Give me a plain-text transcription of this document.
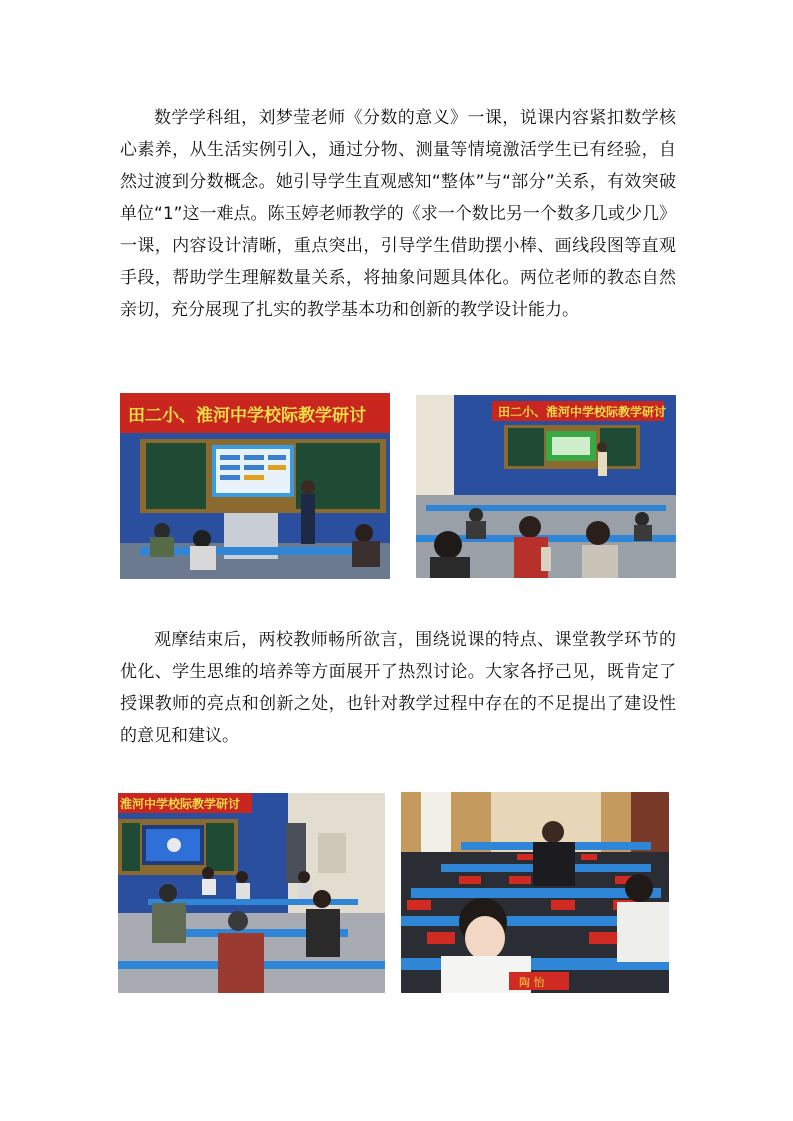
数学学科组，刘梦莹老师《分数的意义》一课，说课内容紧扣数学核心素养，从生活实例引入，通过分物、测量等情境激活学生已有经验，自然过渡到分数概念。她引导学生直观感知“整体”与“部分”关系，有效突破单位“1”这一难点。陈玉婷老师教学的《求一个数比另一个数多几或少几》一课，内容设计清晰，重点突出，引导学生借助摆小棒、画线段图等直观手段，帮助学生理解数量关系，将抽象问题具体化。两位老师的教态自然亲切，充分展现了扎实的教学基本功和创新的教学设计能力。

田二小、淮河中学校际教学研讨	田二小、淮河中学校际教学研讨

观摩结束后，两校教师畅所欲言，围绕说课的特点、课堂教学环节的优化、学生思维的培养等方面展开了热烈讨论。大家各抒己见，既肯定了授课教师的亮点和创新之处，也针对教学过程中存在的不足提出了建设性的意见和建议。

淮河中学校际教学研讨
陶 怡
